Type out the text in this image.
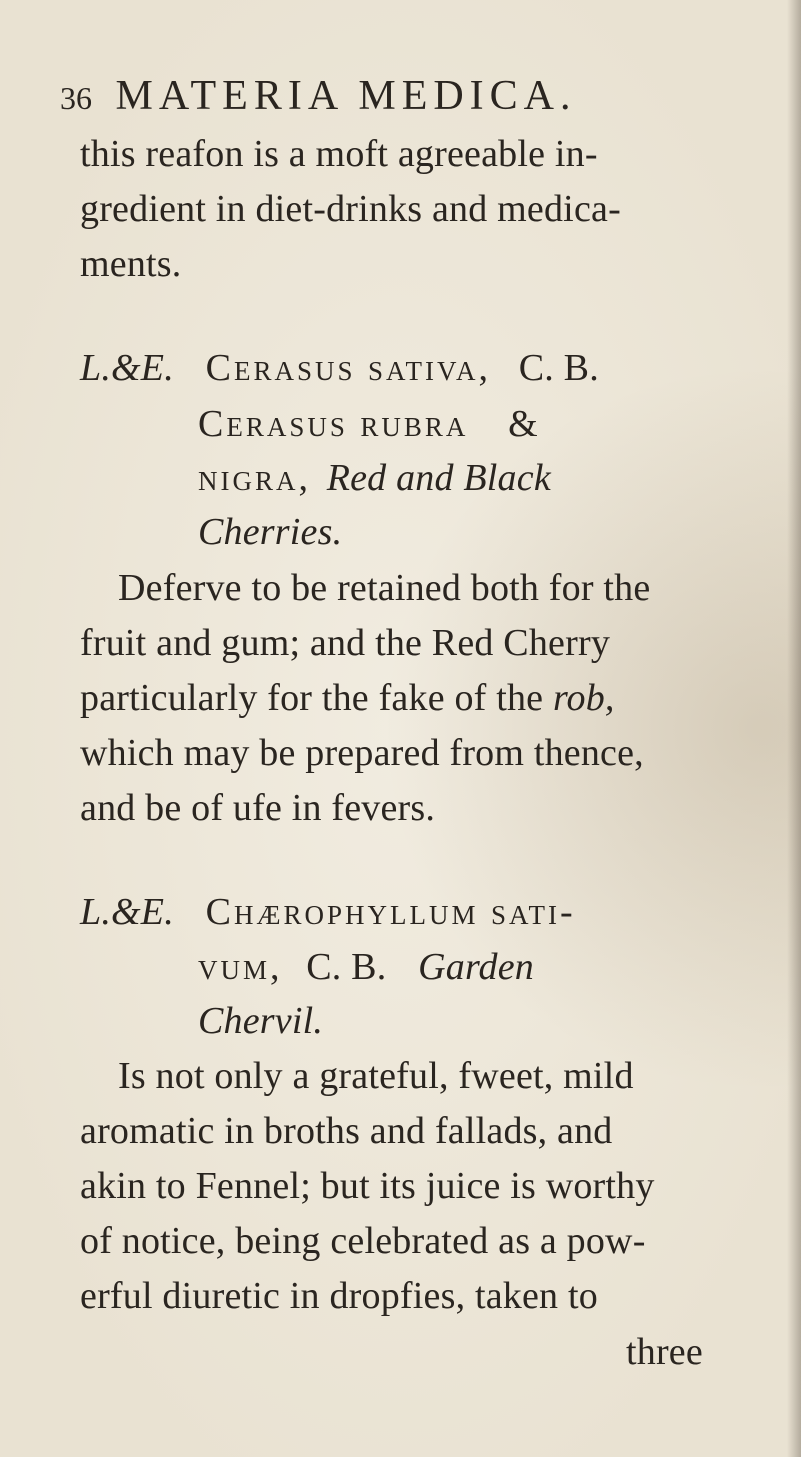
36 MATERIA MEDICA.
this reafon is a moft agreeable in-
gredient in diet-drinks and medica-
ments.
L.&E. Cerasus sativa, C. B.
Cerasus rubra &
nigra, Red and Black
Cherries.
Deferve to be retained both for the
fruit and gum; and the Red Cherry
particularly for the fake of the rob,
which may be prepared from thence,
and be of ufe in fevers.
L.&E. Chærophyllum sati-
vum, C. B. Garden
Chervil.
Is not only a grateful, fweet, mild
aromatic in broths and fallads, and
akin to Fennel; but its juice is worthy
of notice, being celebrated as a pow-
erful diuretic in dropfies, taken to
three
